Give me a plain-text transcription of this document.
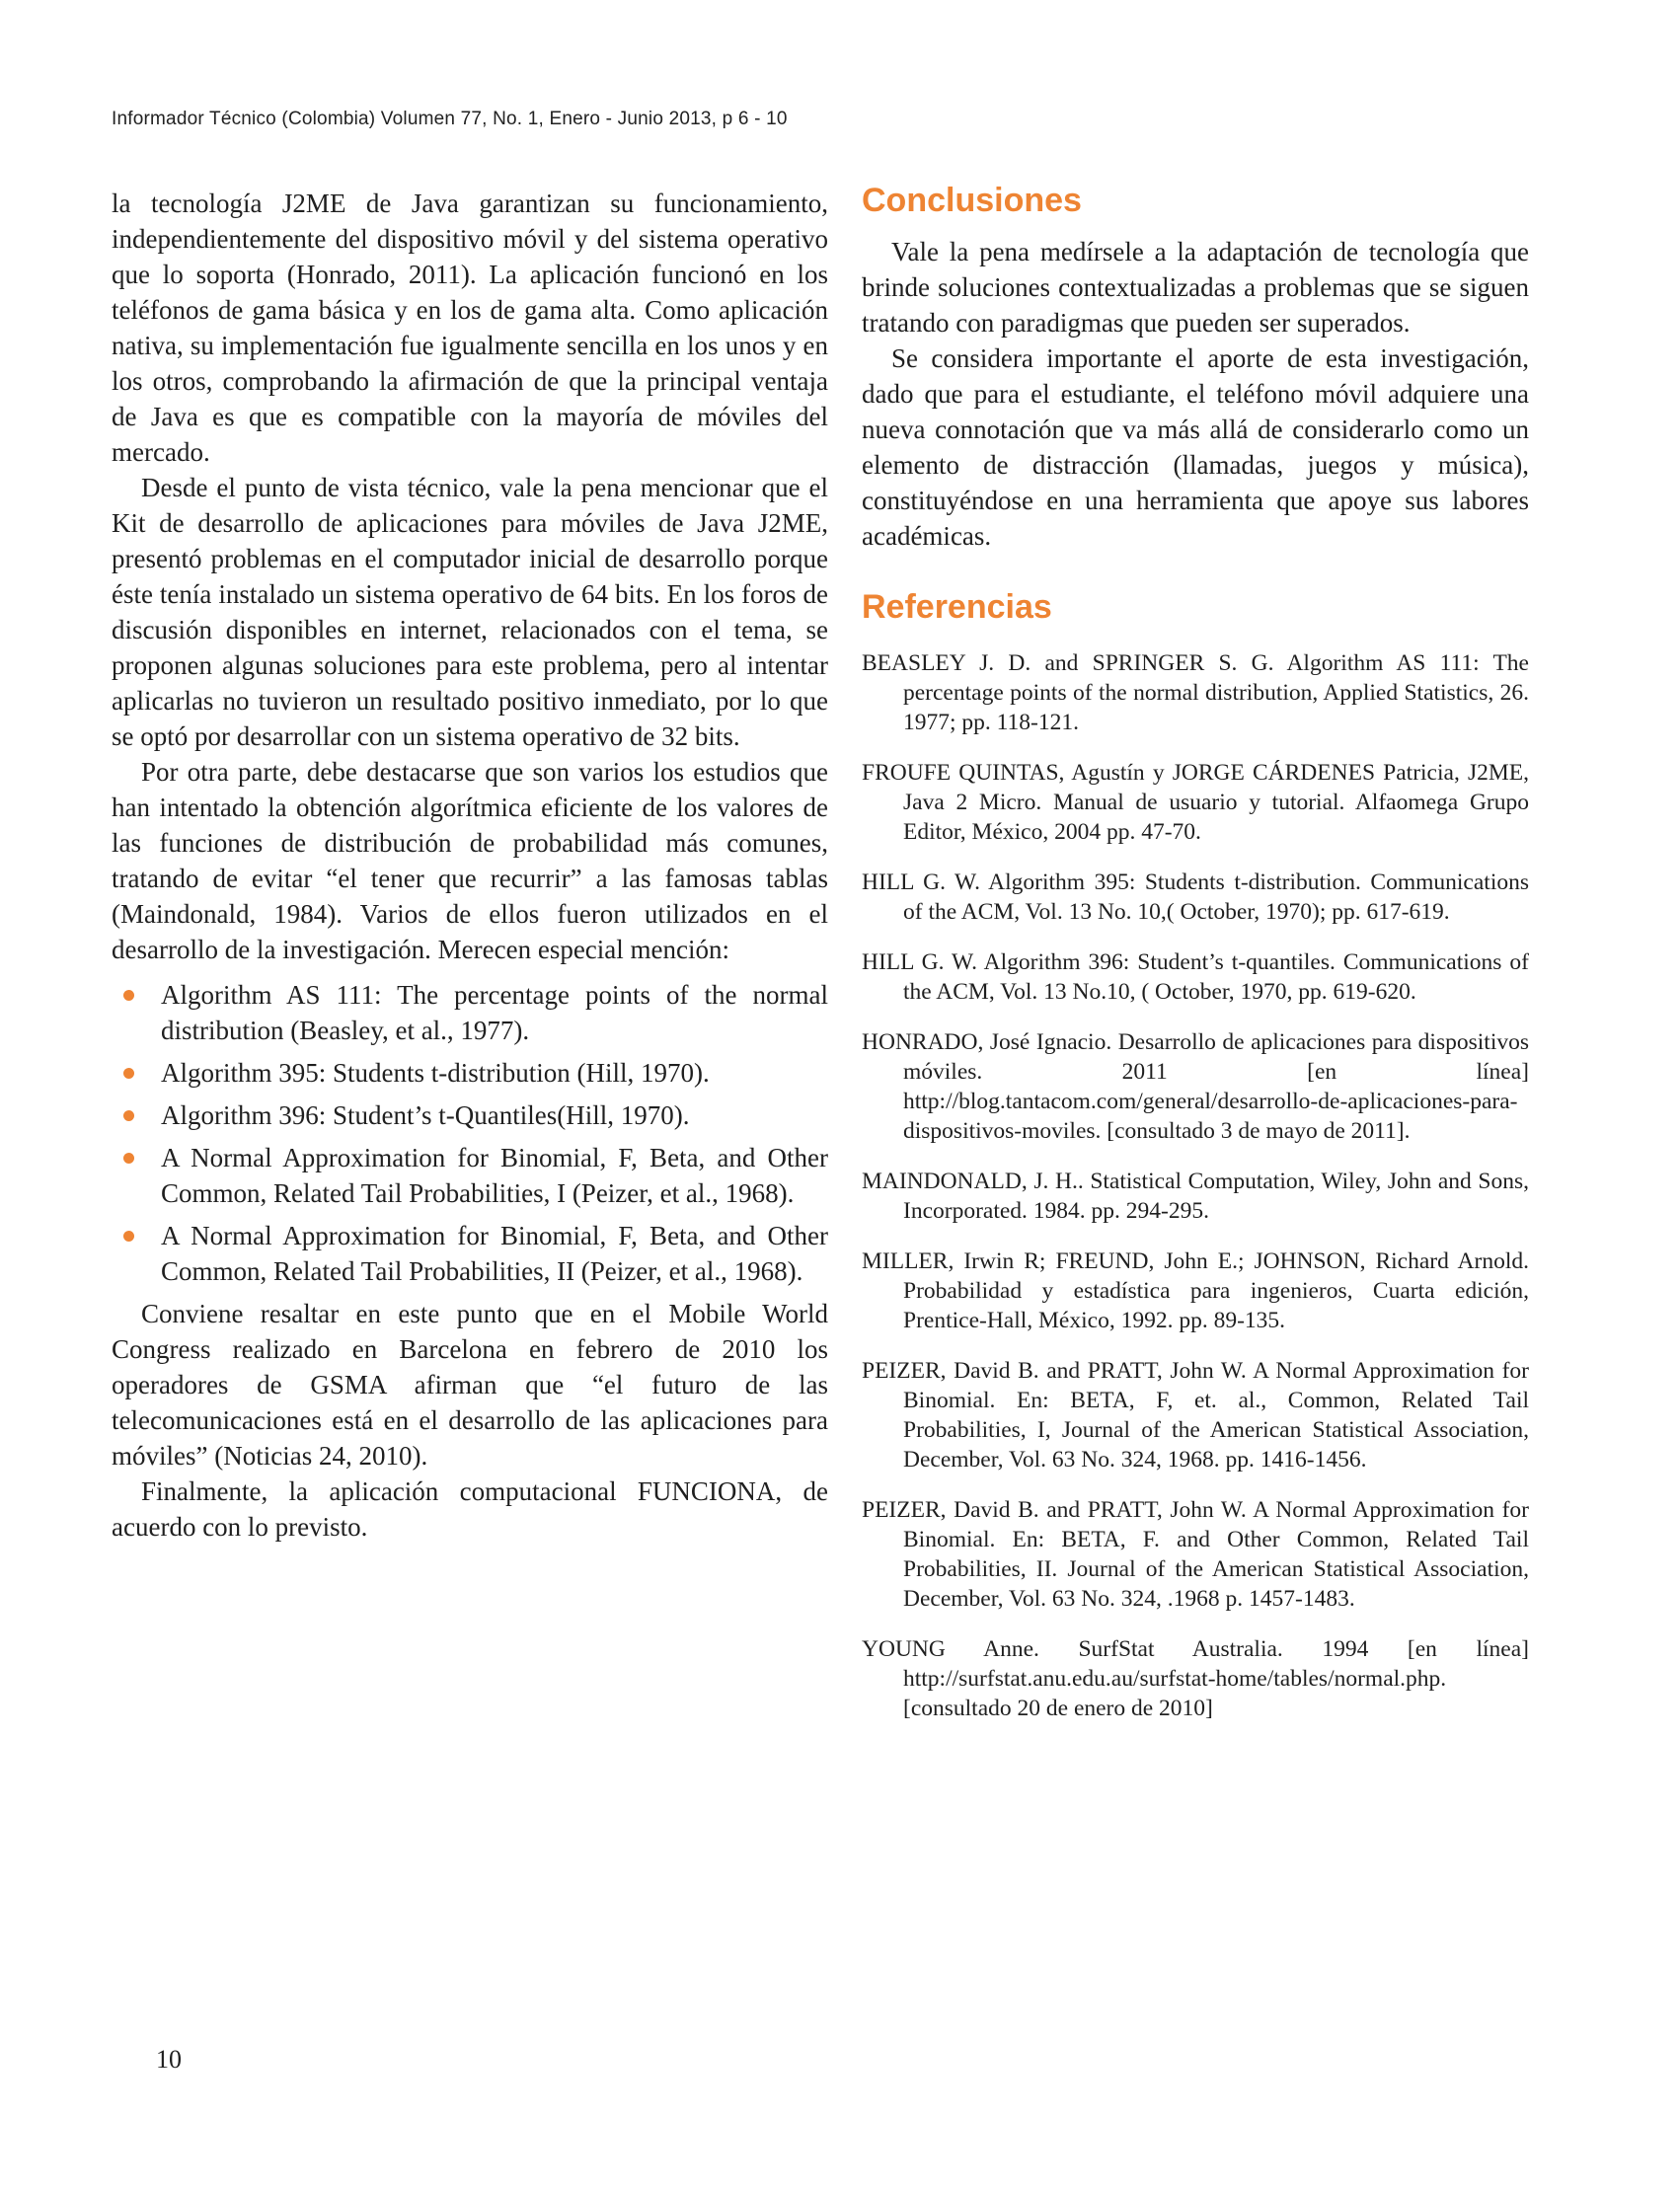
Informador Técnico (Colombia) Volumen 77, No. 1, Enero - Junio 2013, p 6 - 10

la tecnología J2ME de Java garantizan su funcionamiento, independientemente del dispositivo móvil y del sistema operativo que lo soporta (Honrado, 2011). La aplicación funcionó en los teléfonos de gama básica y en los de gama alta. Como aplicación nativa, su implementación fue igualmente sencilla en los unos y en los otros, comprobando la afirmación de que la principal ventaja de Java es que es compatible con la mayoría de móviles del mercado.

Desde el punto de vista técnico, vale la pena mencionar que el Kit de desarrollo de aplicaciones para móviles de Java J2ME, presentó problemas en el computador inicial de desarrollo porque éste tenía instalado un sistema operativo de 64 bits. En los foros de discusión disponibles en internet, relacionados con el tema, se proponen algunas soluciones para este problema, pero al intentar aplicarlas no tuvieron un resultado positivo inmediato, por lo que se optó por desarrollar con un sistema operativo de 32 bits.

Por otra parte, debe destacarse que son varios los estudios que han intentado la obtención algorítmica eficiente de los valores de las funciones de distribución de probabilidad más comunes, tratando de evitar “el tener que recurrir” a las famosas tablas (Maindonald, 1984). Varios de ellos fueron utilizados en el desarrollo de la investigación. Merecen especial mención:

Algorithm AS 111: The percentage points of the normal distribution (Beasley, et al., 1977).
Algorithm 395: Students t-distribution (Hill, 1970).
Algorithm 396: Student’s t-Quantiles(Hill, 1970).
A Normal Approximation for Binomial, F, Beta, and Other Common, Related Tail Probabilities, I (Peizer, et al., 1968).
A Normal Approximation for Binomial, F, Beta, and Other Common, Related Tail Probabilities, II (Peizer, et al., 1968).

Conviene resaltar en este punto que en el Mobile World Congress realizado en Barcelona en febrero de 2010 los operadores de GSMA afirman que “el futuro de las telecomunicaciones está en el desarrollo de las aplicaciones para móviles” (Noticias 24, 2010).

Finalmente, la aplicación computacional FUNCIONA, de acuerdo con lo previsto.

Conclusiones

Vale la pena medírsele a la adaptación de tecnología que brinde soluciones contextualizadas a problemas que se siguen tratando con paradigmas que pueden ser superados.

Se considera importante el aporte de esta investigación, dado que para el estudiante, el teléfono móvil adquiere una nueva connotación que va más allá de considerarlo como un elemento de distracción (llamadas, juegos y música), constituyéndose en una herramienta que apoye sus labores académicas.

Referencias

BEASLEY J. D. and SPRINGER S. G. Algorithm AS 111: The percentage points of the normal distribution, Applied Statistics, 26. 1977; pp. 118-121.

FROUFE QUINTAS, Agustín y JORGE CÁRDENES Patricia, J2ME, Java 2 Micro. Manual de usuario y tutorial. Alfaomega Grupo Editor, México, 2004 pp. 47-70.

HILL G. W. Algorithm 395: Students t-distribution. Communications of the ACM, Vol. 13 No. 10,( October, 1970); pp. 617-619.

HILL G. W. Algorithm 396: Student’s t-quantiles. Communications of the ACM, Vol. 13 No.10, ( October, 1970, pp. 619-620.

HONRADO, José Ignacio. Desarrollo de aplicaciones para dispositivos móviles. 2011 [en línea] http://blog.tantacom.com/general/desarrollo-de-aplicaciones-para-dispositivos-moviles. [consultado 3 de mayo de 2011].

MAINDONALD, J. H.. Statistical Computation, Wiley, John and Sons, Incorporated. 1984. pp. 294-295.

MILLER, Irwin R; FREUND, John E.; JOHNSON, Richard Arnold. Probabilidad y estadística para ingenieros, Cuarta edición, Prentice-Hall, México, 1992. pp. 89-135.

PEIZER, David B. and PRATT, John W. A Normal Approximation for Binomial. En: BETA, F, et. al., Common, Related Tail Probabilities, I, Journal of the American Statistical Association, December, Vol. 63 No. 324, 1968. pp. 1416-1456.

PEIZER, David B. and PRATT, John W. A Normal Approximation for Binomial. En: BETA, F. and Other Common, Related Tail Probabilities, II. Journal of the American Statistical Association, December, Vol. 63 No. 324, .1968 p. 1457-1483.

YOUNG Anne. SurfStat Australia. 1994 [en línea] http://surfstat.anu.edu.au/surfstat-home/tables/normal.php. [consultado 20 de enero de 2010]

10
